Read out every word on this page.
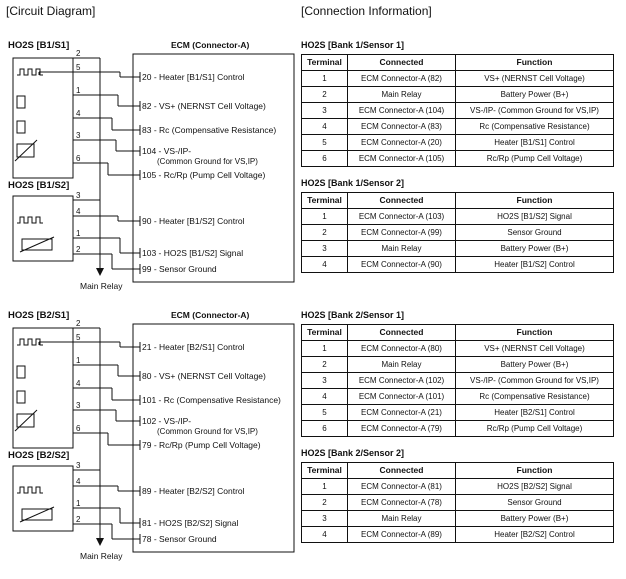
[Circuit Diagram]	[Connection Information]
ECM (Connector-A)
HO2S [B1/S1]
2
5
1
4
3
6
20 - Heater [B1/S1] Control
82 - VS+ (NERNST Cell Voltage)
83 - Rc (Compensative Resistance)
104 - VS-/IP-
(Common Ground for VS,IP)
105 - Rc/Rp (Pump Cell Voltage)
HO2S [B1/S2]
3
4
1
2
90 - Heater [B1/S2] Control
103 - HO2S [B1/S2] Signal
99 - Sensor Ground
Main Relay
ECM (Connector-A)
HO2S [B2/S1]
2
5
1
4
3
6
21 - Heater [B2/S1] Control
80 - VS+ (NERNST Cell Voltage)
101 - Rc (Compensative Resistance)
102 - VS-/IP-
(Common Ground for VS,IP)
79 - Rc/Rp (Pump Cell Voltage)
HO2S [B2/S2]
3
4
1
2
89 - Heater [B2/S2] Control
81 - HO2S [B2/S2] Signal
78 - Sensor Ground
Main Relay
HO2S [Bank 1/Sensor 1]
Terminal	Connected	Function
1	ECM Connector-A (82)	VS+ (NERNST Cell Voltage)
2	Main Relay	Battery Power (B+)
3	ECM Connector-A (104)	VS-/IP- (Common Ground for VS,IP)
4	ECM Connector-A (83)	Rc (Compensative Resistance)
5	ECM Connector-A (20)	Heater [B1/S1] Control
6	ECM Connector-A (105)	Rc/Rp (Pump Cell Voltage)
HO2S [Bank 1/Sensor 2]
Terminal	Connected	Function
1	ECM Connector-A (103)	HO2S [B1/S2] Signal
2	ECM Connector-A (99)	Sensor Ground
3	Main Relay	Battery Power (B+)
4	ECM Connector-A (90)	Heater [B1/S2] Control
HO2S [Bank 2/Sensor 1]
Terminal	Connected	Function
1	ECM Connector-A (80)	VS+ (NERNST Cell Voltage)
2	Main Relay	Battery Power (B+)
3	ECM Connector-A (102)	VS-/IP- (Common Ground for VS,IP)
4	ECM Connector-A (101)	Rc (Compensative Resistance)
5	ECM Connector-A (21)	Heater [B2/S1] Control
6	ECM Connector-A (79)	Rc/Rp (Pump Cell Voltage)
HO2S [Bank 2/Sensor 2]
Terminal	Connected	Function
1	ECM Connector-A (81)	HO2S [B2/S2] Signal
2	ECM Connector-A (78)	Sensor Ground
3	Main Relay	Battery Power (B+)
4	ECM Connector-A (89)	Heater [B2/S2] Control
